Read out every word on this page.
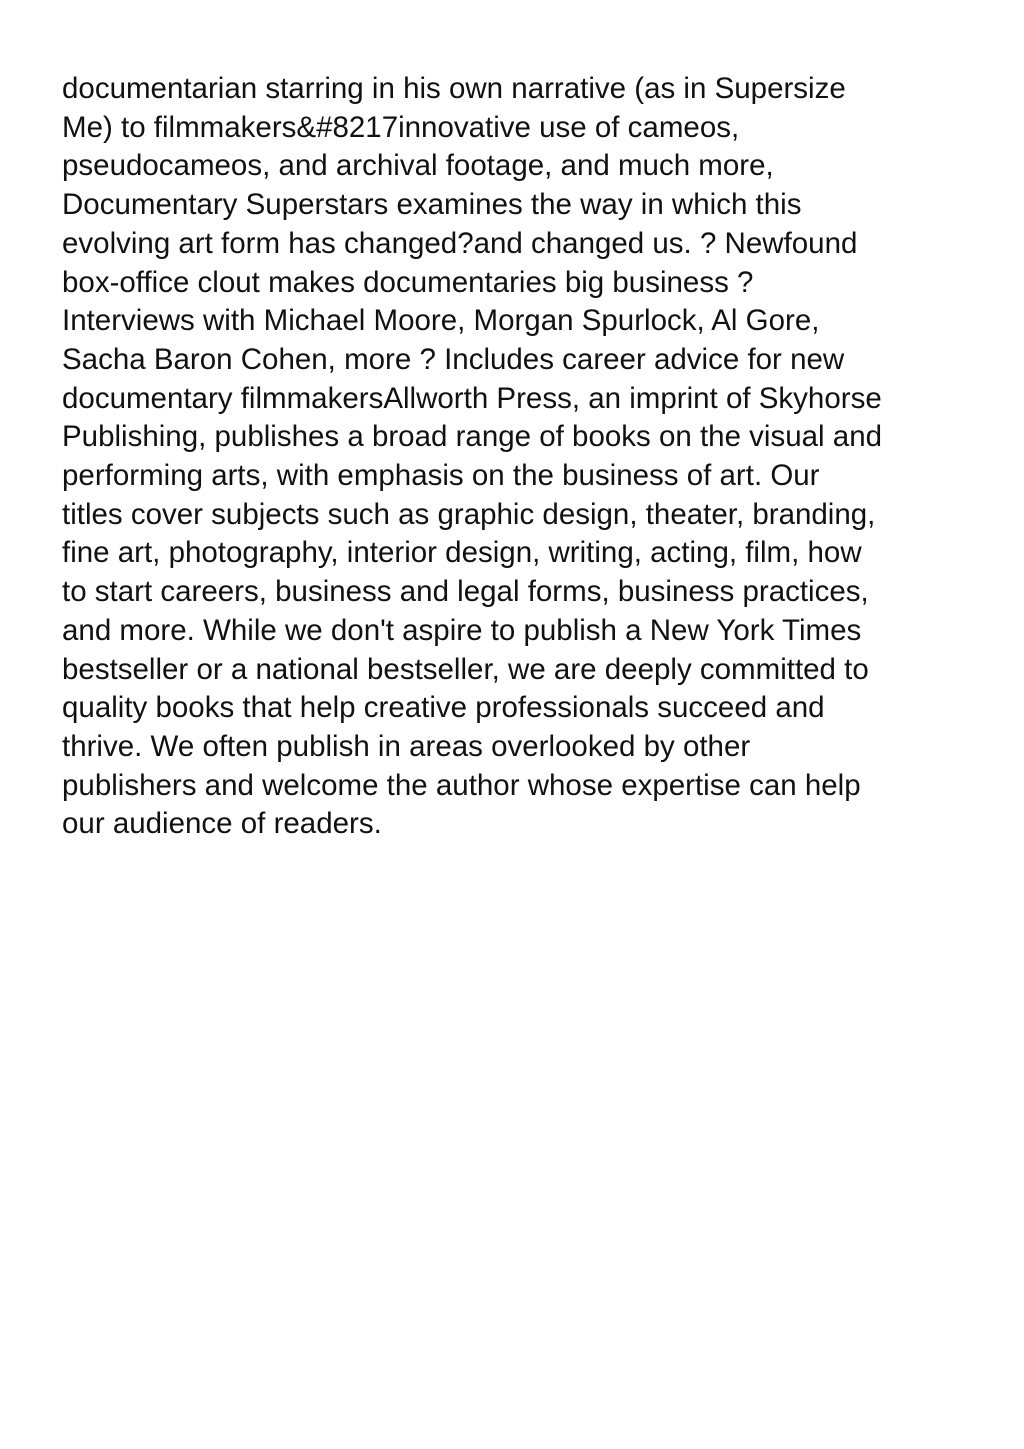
documentarian starring in his own narrative (as in Supersize
Me) to filmmakers&#8217innovative use of cameos,
pseudocameos, and archival footage, and much more,
Documentary Superstars examines the way in which this
evolving art form has changed?and changed us. ? Newfound
box-office clout makes documentaries big business ?
Interviews with Michael Moore, Morgan Spurlock, Al Gore,
Sacha Baron Cohen, more ? Includes career advice for new
documentary filmmakersAllworth Press, an imprint of Skyhorse
Publishing, publishes a broad range of books on the visual and
performing arts, with emphasis on the business of art. Our
titles cover subjects such as graphic design, theater, branding,
fine art, photography, interior design, writing, acting, film, how
to start careers, business and legal forms, business practices,
and more. While we don't aspire to publish a New York Times
bestseller or a national bestseller, we are deeply committed to
quality books that help creative professionals succeed and
thrive. We often publish in areas overlooked by other
publishers and welcome the author whose expertise can help
our audience of readers.
